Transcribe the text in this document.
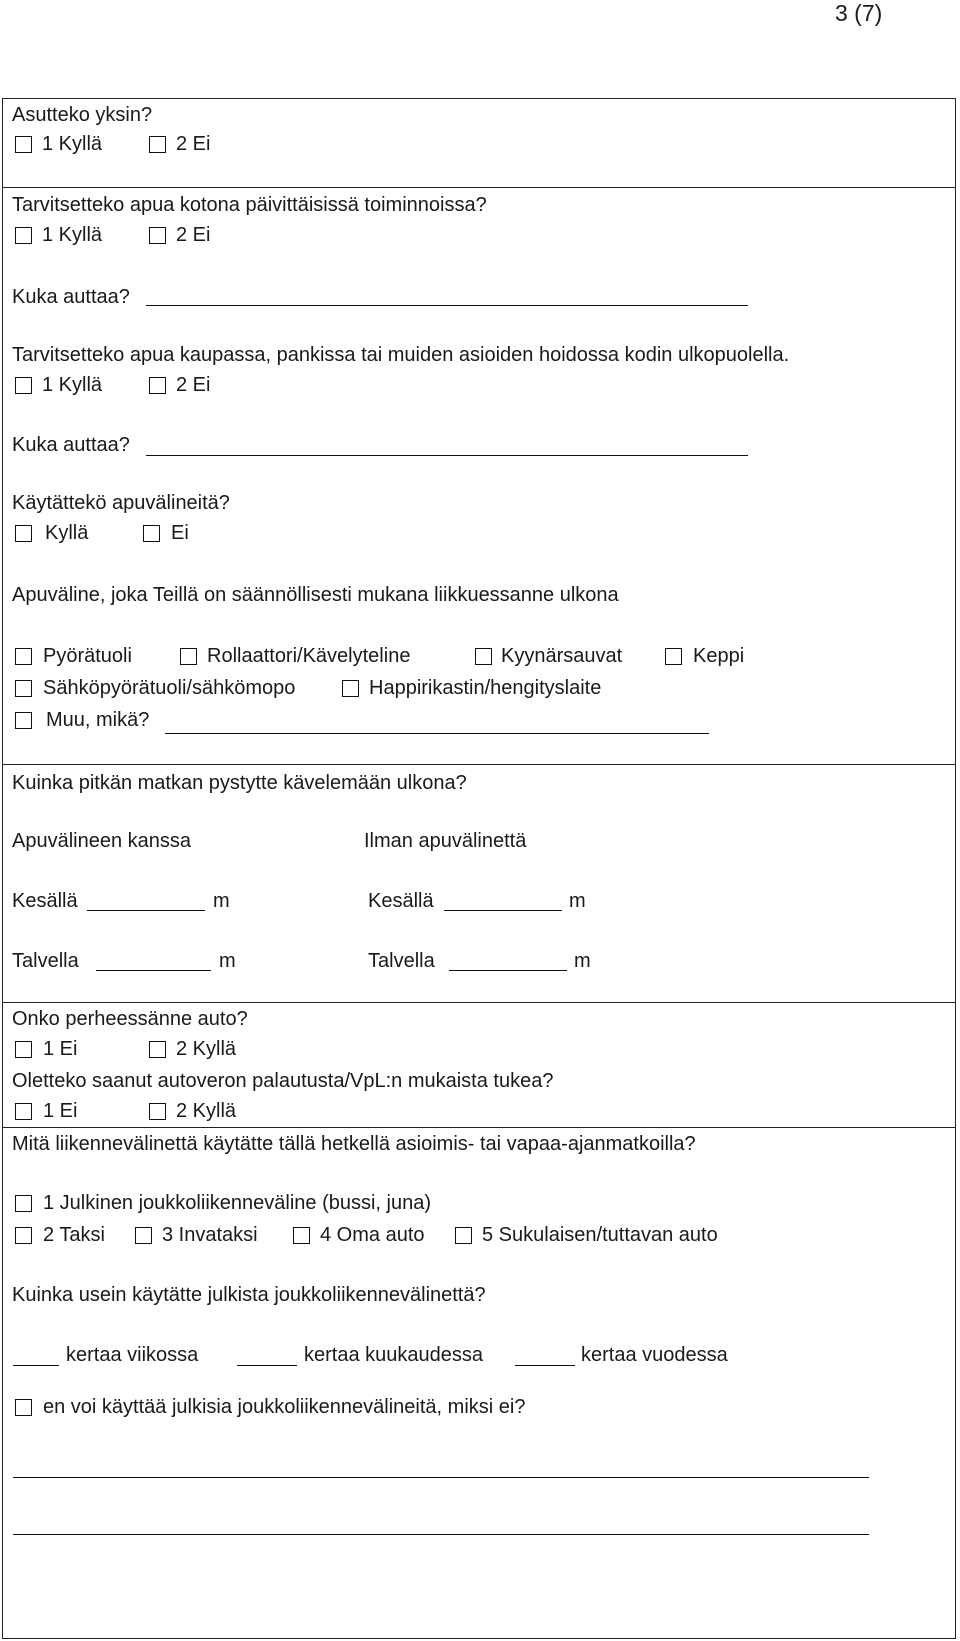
3 (7)
Asutteko yksin?
1 Kyllä	2 Ei
Tarvitsetteko apua kotona päivittäisissä toiminnoissa?
1 Kyllä	2 Ei
Kuka auttaa?
Tarvitsetteko apua kaupassa, pankissa tai muiden asioiden hoidossa kodin ulkopuolella.
1 Kyllä	2 Ei
Kuka auttaa?
Käytättekö apuvälineitä?
Kyllä	Ei
Apuväline, joka Teillä on säännöllisesti mukana liikkuessanne ulkona
Pyörätuoli	Rollaattori/Kävelyteline	Kyynärsauvat	Keppi
Sähköpyörätuoli/sähkömopo	Happirikastin/hengityslaite
Muu, mikä?
Kuinka pitkän matkan pystytte kävelemään ulkona?
Apuvälineen kanssa	Ilman apuvälinettä
Kesällä	m	Kesällä	m
Talvella	m	Talvella	m
Onko perheessänne auto?
1 Ei	2 Kyllä
Oletteko saanut autoveron palautusta/VpL:n mukaista tukea?
1 Ei	2 Kyllä
Mitä liikennevälinettä käytätte tällä hetkellä asioimis- tai vapaa-ajanmatkoilla?
1 Julkinen joukkoliikenneväline (bussi, juna)
2 Taksi	3 Invataksi	4 Oma auto	5 Sukulaisen/tuttavan auto
Kuinka usein käytätte julkista joukkoliikennevälinettä?
kertaa viikossa	kertaa kuukaudessa	kertaa vuodessa
en voi käyttää julkisia joukkoliikennevälineitä, miksi ei?
